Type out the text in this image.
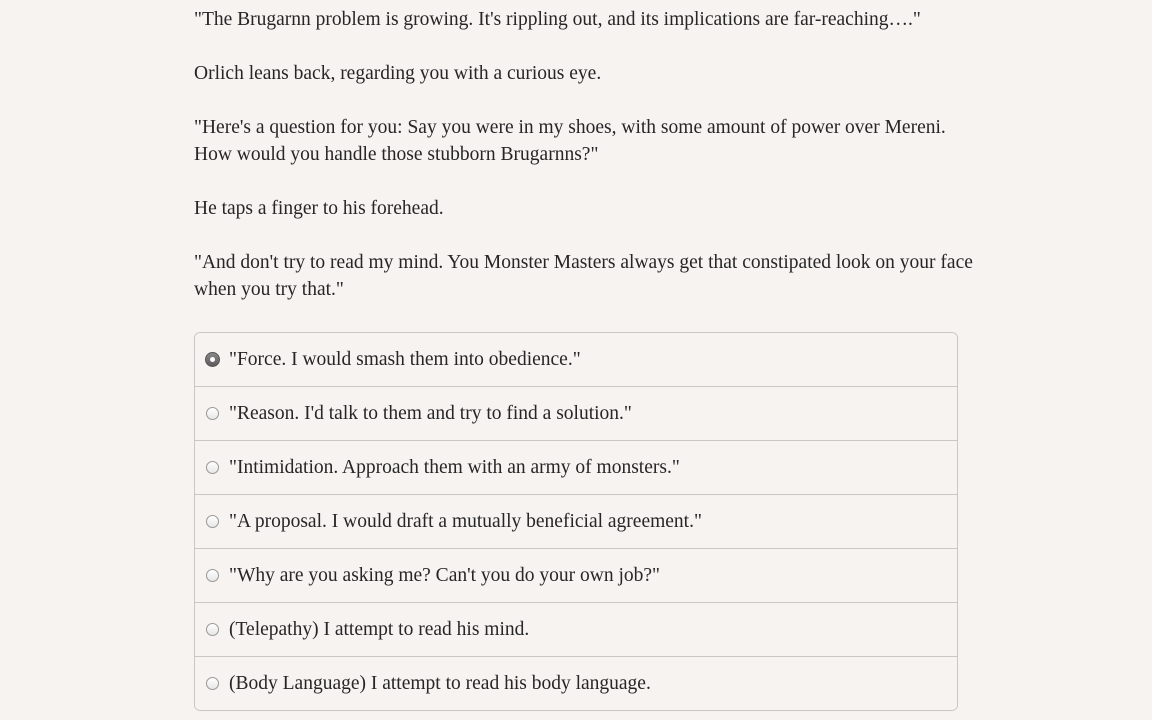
"The Brugarnn problem is growing. It's rippling out, and its implications are far-reaching…."

Orlich leans back, regarding you with a curious eye.

"Here's a question for you: Say you were in my shoes, with some amount of power over Mereni. How would you handle those stubborn Brugarnns?"

He taps a finger to his forehead.

"And don't try to read my mind. You Monster Masters always get that constipated look on your face when you try that."

"Force. I would smash them into obedience."
"Reason. I'd talk to them and try to find a solution."
"Intimidation. Approach them with an army of monsters."
"A proposal. I would draft a mutually beneficial agreement."
"Why are you asking me? Can't you do your own job?"
(Telepathy) I attempt to read his mind.
(Body Language) I attempt to read his body language.
